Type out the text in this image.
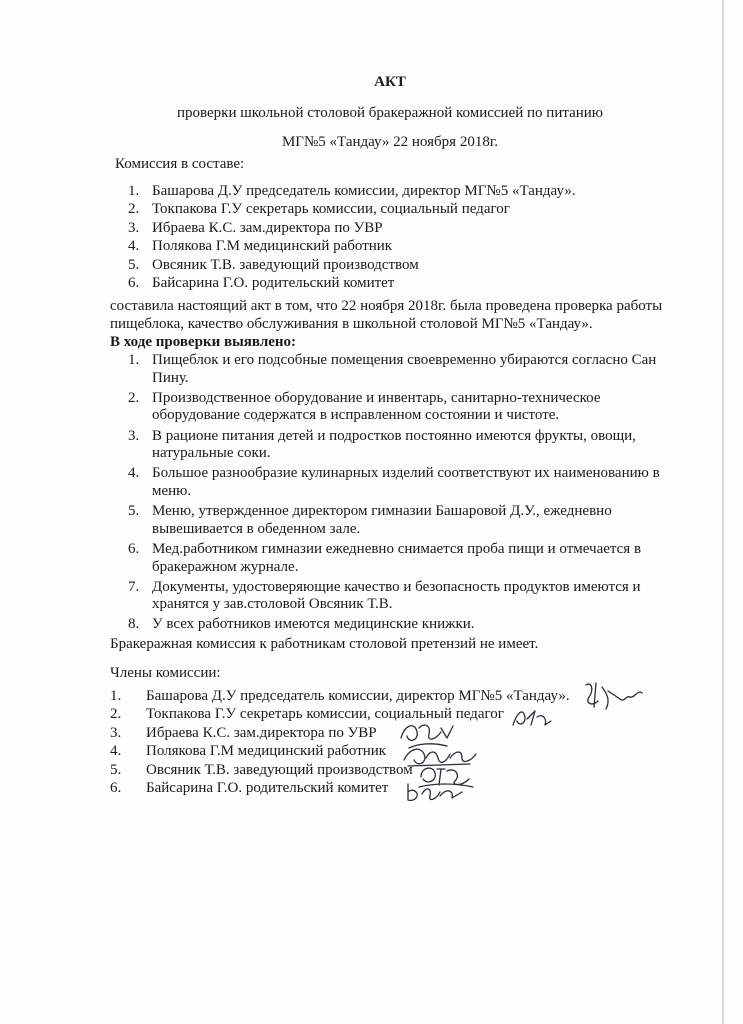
АКТ
проверки школьной столовой бракеражной комиссией по питанию
МГ№5 «Тандау» 22 ноября 2018г.
Комиссия в составе:
1. Башарова Д.У председатель комиссии, директор МГ№5 «Тандау».
2. Токпакова Г.У секретарь комиссии, социальный педагог
3. Ибраева К.С. зам.директора по УВР
4. Полякова Г.М медицинский работник
5. Овсяник Т.В. заведующий производством
6. Байсарина Г.О. родительский комитет
составила настоящий акт в том, что 22 ноября 2018г. была проведена проверка работы пищеблока, качество обслуживания в школьной столовой МГ№5 «Тандау».
В ходе проверки выявлено:
1. Пищеблок и его подсобные помещения своевременно убираются согласно Сан Пину.
2. Производственное оборудование и инвентарь, санитарно-техническое оборудование содержатся в исправленном состоянии и чистоте.
3. В рационе питания детей и подростков постоянно имеются фрукты, овощи, натуральные соки.
4. Большое разнообразие кулинарных изделий соответствуют их наименованию в меню.
5. Меню, утвержденное директором гимназии Башаровой Д.У., ежедневно вывешивается в обеденном зале.
6. Мед.работником гимназии ежедневно снимается проба пищи и отмечается в бракеражном журнале.
7. Документы, удостоверяющие качество и безопасность продуктов имеются и хранятся у зав.столовой Овсяник Т.В.
8. У всех работников имеются медицинские книжки.
Бракеражная комиссия к работникам столовой претензий не имеет.
Члены комиссии:
1. Башарова Д.У председатель комиссии, директор МГ№5 «Тандау».
2. Токпакова Г.У секретарь комиссии, социальный педагог
3. Ибраева К.С. зам.директора по УВР
4. Полякова Г.М медицинский работник
5. Овсяник Т.В. заведующий производством
6. Байсарина Г.О. родительский комитет
